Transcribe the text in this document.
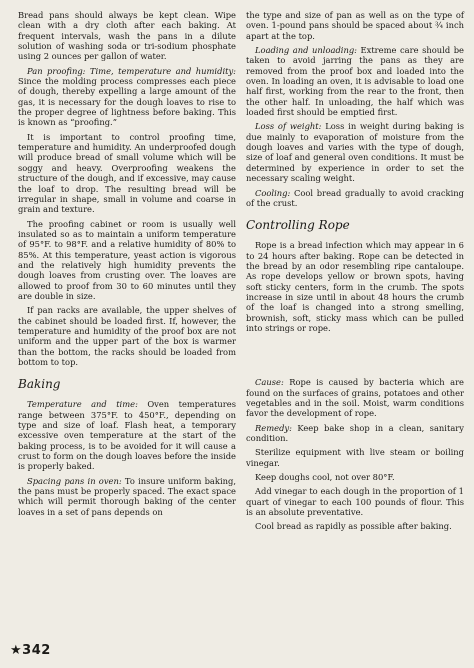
Bread pans should always be kept clean. Wipe clean with a dry cloth after each baking. At frequent intervals, wash the pans in a dilute solution of washing soda or tri-sodium phosphate using 2 ounces per gallon of water.

Pan proofing: Time, temperature and humidity: Since the molding process compresses each piece of dough, thereby expelling a large amount of the gas, it is necessary for the dough loaves to rise to the proper degree of lightness before baking. This is known as “proofing.”

It is important to control proofing time, temperature and humidity. An underproofed dough will produce bread of small volume which will be soggy and heavy. Overproofing weakens the structure of the dough, and if excessive, may cause the loaf to drop. The resulting bread will be irregular in shape, small in volume and coarse in grain and texture.

The proofing cabinet or room is usually well insulated so as to maintain a uniform temperature of 95°F. to 98°F. and a relative humidity of 80% to 85%. At this temperature, yeast action is vigorous and the relatively high humidity prevents the dough loaves from crusting over. The loaves are allowed to proof from 30 to 60 minutes until they are double in size.

If pan racks are available, the upper shelves of the cabinet should be loaded first. If, however, the temperature and humidity of the proof box are not uniform and the upper part of the box is warmer than the bottom, the racks should be loaded from bottom to top.

Baking

Temperature and time: Oven temperatures range between 375°F. to 450°F., depending on type and size of loaf. Flash heat, a temporary excessive oven temperature at the start of the baking process, is to be avoided for it will cause a crust to form on the dough loaves before the inside is properly baked.

Spacing pans in oven: To insure uniform baking, the pans must be properly spaced. The exact space which will permit thorough baking of the center loaves in a set of pans depends on

the type and size of pan as well as on the type of oven. 1-pound pans should be spaced about ¾ inch apart at the top.

Loading and unloading: Extreme care should be taken to avoid jarring the pans as they are removed from the proof box and loaded into the oven. In loading an oven, it is advisable to load one half first, working from the rear to the front, then the other half. In unloading, the half which was loaded first should be emptied first.

Loss of weight: Loss in weight during baking is due mainly to evaporation of moisture from the dough loaves and varies with the type of dough, size of loaf and general oven conditions. It must be determined by experience in order to set the necessary scaling weight.

Cooling: Cool bread gradually to avoid cracking of the crust.

Controlling Rope

Rope is a bread infection which may appear in 6 to 24 hours after baking. Rope can be detected in the bread by an odor resembling ripe cantaloupe. As rope develops yellow or brown spots, having soft sticky centers, form in the crumb. The spots increase in size until in about 48 hours the crumb of the loaf is changed into a strong smelling, brownish, soft, sticky mass which can be pulled into strings or rope.

Cause: Rope is caused by bacteria which are found on the surfaces of grains, potatoes and other vegetables and in the soil. Moist, warm conditions favor the development of rope.

Remedy: Keep bake shop in a clean, sanitary condition.

Sterilize equipment with live steam or boiling vinegar.

Keep doughs cool, not over 80°F.

Add vinegar to each dough in the proportion of 1 quart of vinegar to each 100 pounds of flour. This is an absolute preventative.

Cool bread as rapidly as possible after baking.

★342
